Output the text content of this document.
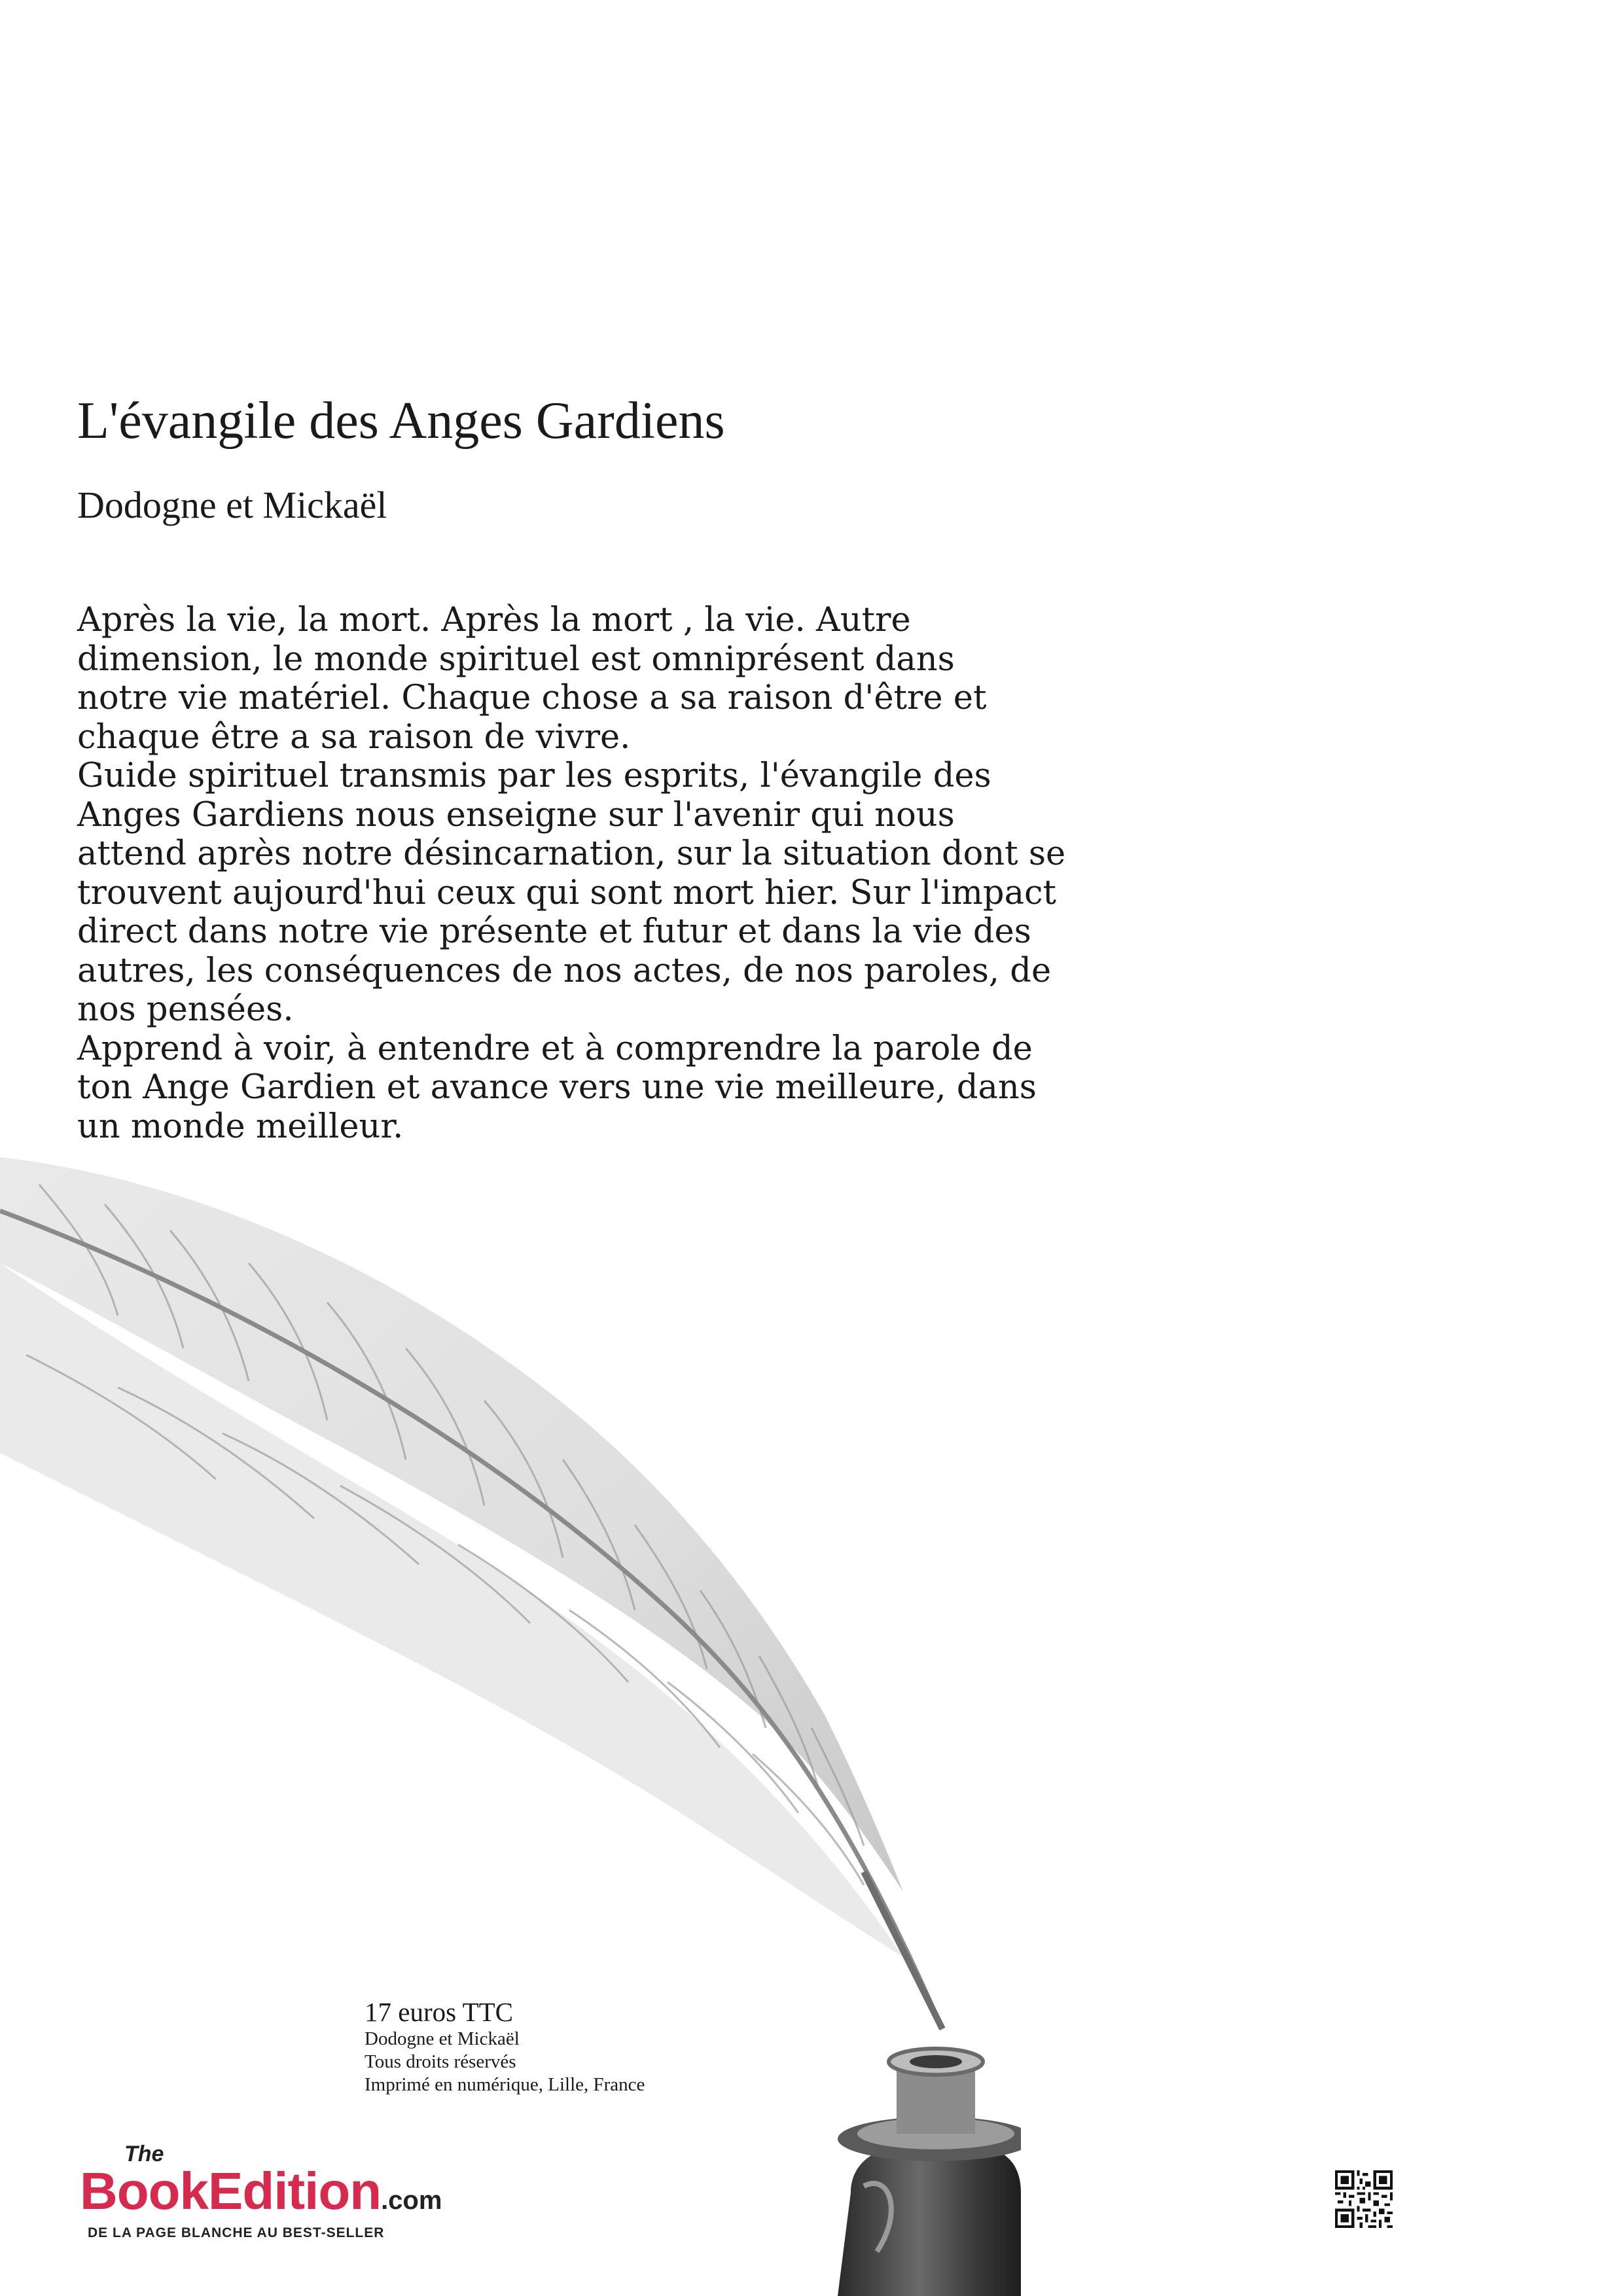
L'évangile des Anges Gardiens
Dodogne et Mickaël

Après la vie, la mort. Après la mort , la vie. Autre

dimension, le monde spirituel est omniprésent dans

notre vie matériel. Chaque chose a sa raison d'être et

chaque être a sa raison de vivre.

Guide spirituel transmis par les esprits, l'évangile des

Anges Gardiens nous enseigne sur l'avenir qui nous

attend après notre désincarnation, sur la situation dont se

trouvent aujourd'hui ceux qui sont mort hier. Sur l'impact

direct dans notre vie présente et futur et dans la vie des

autres, les conséquences de nos actes, de nos paroles, de

nos pensées.

Apprend à voir, à entendre et à comprendre la parole de

ton Ange Gardien et avance vers une vie meilleure, dans

un monde meilleur.

17 euros TTC
Dodogne et Mickaël
Tous droits réservés
Imprimé en numérique, Lille, France
The
BookEdition.com
DE LA PAGE BLANCHE AU BEST-SELLER
